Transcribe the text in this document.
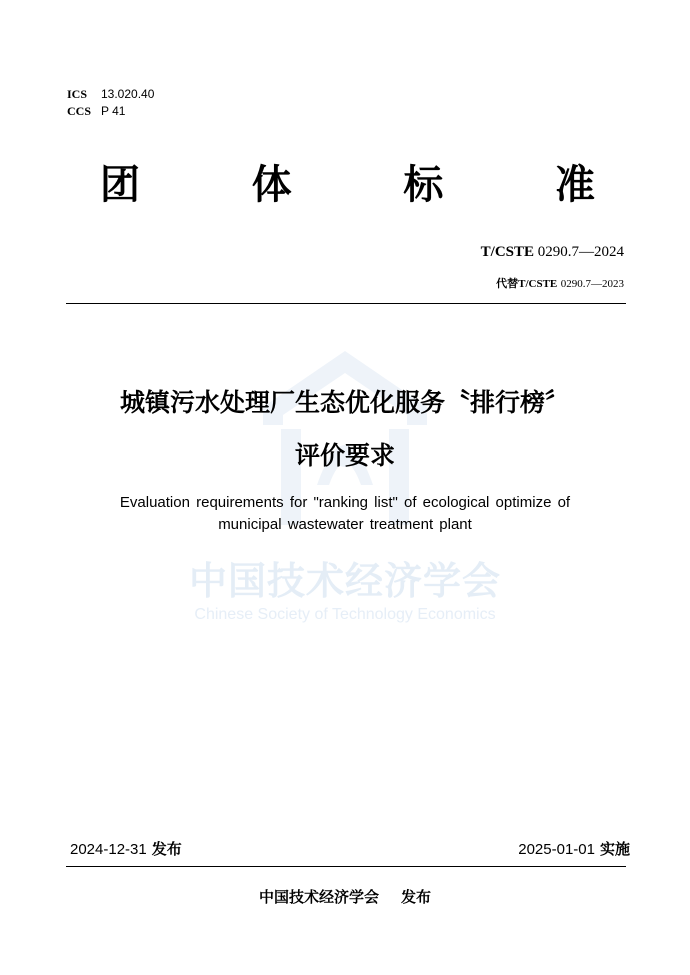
ICS 13.020.40
CCS P 41
团	体	标	准
T/CSTE 0290.7—2024
代替T/CSTE 0290.7—2023
城镇污水处理厂生态优化服务〝排行榜〞
评价要求
Evaluation requirements for "ranking list" of ecological optimize of
municipal wastewater treatment plant
中国技术经济学会
Chinese Society of Technology Economics
2024-12-31 发布	2025-01-01 实施
中国技术经济学会 发布
